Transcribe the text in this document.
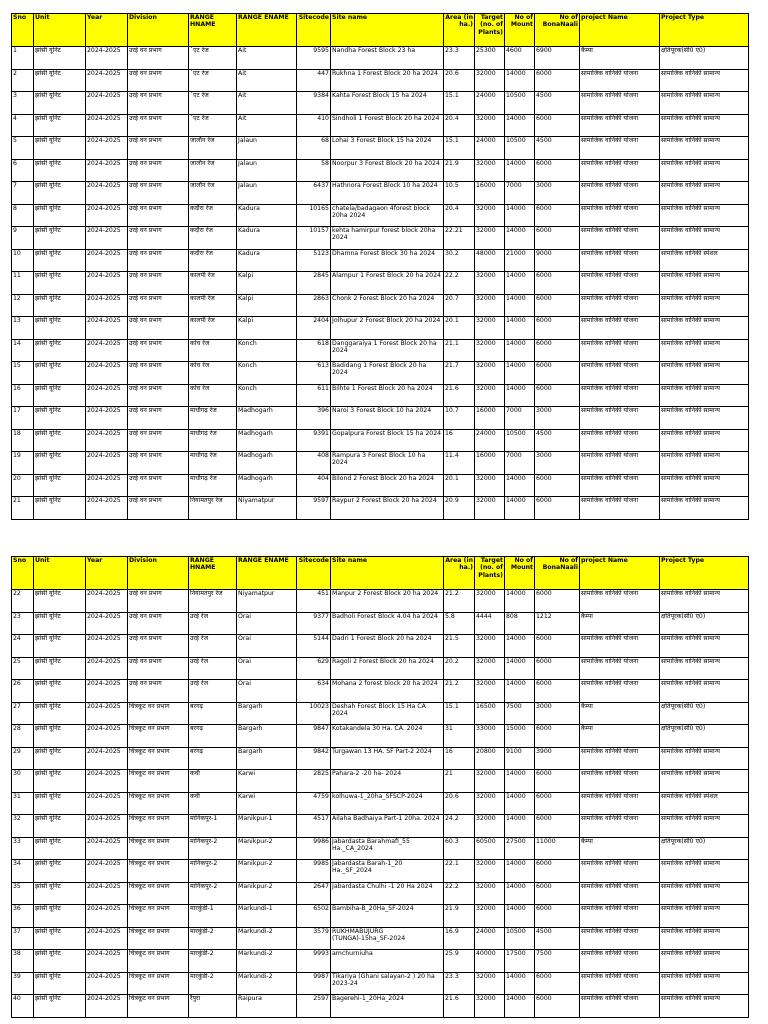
Sno	Unit	Year	Division	RANGE HNAME	RANGE ENAME	Sitecode	Site name	Area (in ha.)	Target (no. of Plants)	No of Mount	No of BonaNaali	project Name	Project Type
1	झांसी यूनिट	2024-2025	उरई वन प्रभाग	`एट रेंज	Ait	9595	Nandha Forest Block 23 ha	23.3	25300	4600	6900	कैम्पा	क्षतिपूरक(सी0 ए0)
2	झांसी यूनिट	2024-2025	उरई वन प्रभाग	`एट रेंज	Ait	447	Rukhna 1 Forest Block 20 ha 2024	20.6	32000	14000	6000	सामाजिक वानिकी योजना	सामाजिक वानिकी सामान्य
3	झांसी यूनिट	2024-2025	उरई वन प्रभाग	`एट रेंज	Ait	9384	Kahta Forest Block 15 ha 2024	15.1	24000	10500	4500	सामाजिक वानिकी योजना	सामाजिक वानिकी सामान्य
4	झांसी यूनिट	2024-2025	उरई वन प्रभाग	`एट रेंज	Ait	410	Sindholi 1 Forest Block 20 ha 2024	20.4	32000	14000	6000	सामाजिक वानिकी योजना	सामाजिक वानिकी सामान्य
5	झांसी यूनिट	2024-2025	उरई वन प्रभाग	जालौन रेंज	Jalaun	68	Lohai 3 Forest Block 15 ha 2024	15.1	24000	10500	4500	सामाजिक वानिकी योजना	सामाजिक वानिकी सामान्य
6	झांसी यूनिट	2024-2025	उरई वन प्रभाग	जालौन रेंज	Jalaun	58	Noorpur 3 Forest Block 20 ha 2024	21.9	32000	14000	6000	सामाजिक वानिकी योजना	सामाजिक वानिकी सामान्य
7	झांसी यूनिट	2024-2025	उरई वन प्रभाग	जालौन रेंज	Jalaun	6437	Hathnora Forest Block 10 ha 2024	10.5	16000	7000	3000	सामाजिक वानिकी योजना	सामाजिक वानिकी सामान्य
8	झांसी यूनिट	2024-2025	उरई वन प्रभाग	कदौरा रेंज	Kadura	10165	chatela/badagaon 4forest block 20ha 2024	20.4	32000	14000	6000	सामाजिक वानिकी योजना	सामाजिक वानिकी सामान्य
9	झांसी यूनिट	2024-2025	उरई वन प्रभाग	कदौरा रेंज	Kadura	10157	kehta hamirpur forest block 20ha 2024	22.21	32000	14000	6000	सामाजिक वानिकी योजना	सामाजिक वानिकी सामान्य
10	झांसी यूनिट	2024-2025	उरई वन प्रभाग	कदौरा रेंज	Kadura	5123	Dhamna Forest Block 30 ha 2024	30.2	48000	21000	9000	सामाजिक वानिकी योजना	सामाजिक वानिकी स्पेशल
11	झांसी यूनिट	2024-2025	उरई वन प्रभाग	कालपी रेंज	Kalpi	2845	Alampur 1 Forest Block 20 ha 2024	22.2	32000	14000	6000	सामाजिक वानिकी योजना	सामाजिक वानिकी सामान्य
12	झांसी यूनिट	2024-2025	उरई वन प्रभाग	कालपी रेंज	Kalpi	2863	Chonk 2 Forest Block 20 ha 2024	20.7	32000	14000	6000	सामाजिक वानिकी योजना	सामाजिक वानिकी सामान्य
13	झांसी यूनिट	2024-2025	उरई वन प्रभाग	कालपी रेंज	Kalpi	2404	Jolhupur 2 Forest Block 20 ha 2024	20.1	32000	14000	6000	सामाजिक वानिकी योजना	सामाजिक वानिकी सामान्य
14	झांसी यूनिट	2024-2025	उरई वन प्रभाग	कोंच रेंज	Konch	618	Danggaraiya 1 Forest Block 20 ha 2024	21.1	32000	14000	6000	सामाजिक वानिकी योजना	सामाजिक वानिकी सामान्य
15	झांसी यूनिट	2024-2025	उरई वन प्रभाग	कोंच रेंज	Konch	613	Badidang 1 Forest Block 20 ha 2024	21.7	32000	14000	6000	सामाजिक वानिकी योजना	सामाजिक वानिकी सामान्य
16	झांसी यूनिट	2024-2025	उरई वन प्रभाग	कोंच रेंज	Konch	611	Bilhte 1 Forest Block 20 ha 2024	21.6	32000	14000	6000	सामाजिक वानिकी योजना	सामाजिक वानिकी सामान्य
17	झांसी यूनिट	2024-2025	उरई वन प्रभाग	माधौगढ़ रेंज	Madhogarh	396	Naroi 3 Forest Block 10 ha 2024	10.7	16000	7000	3000	सामाजिक वानिकी योजना	सामाजिक वानिकी सामान्य
18	झांसी यूनिट	2024-2025	उरई वन प्रभाग	माधौगढ़ रेंज	Madhogarh	9391	Gopalpura Forest Block 15 ha 2024	16	24000	10500	4500	सामाजिक वानिकी योजना	सामाजिक वानिकी सामान्य
19	झांसी यूनिट	2024-2025	उरई वन प्रभाग	माधौगढ़ रेंज	Madhogarh	408	Rampura 3 Forest Block 10 ha 2024	11.4	16000	7000	3000	सामाजिक वानिकी योजना	सामाजिक वानिकी सामान्य
20	झांसी यूनिट	2024-2025	उरई वन प्रभाग	माधौगढ़ रेंज	Madhogarh	404	Bilond 2 Forest Block 20 ha 2024	20.1	32000	14000	6000	सामाजिक वानिकी योजना	सामाजिक वानिकी सामान्य
21	झांसी यूनिट	2024-2025	उरई वन प्रभाग	नियामतपुर रेंज	Niyamatpur	9597	Raypur 2 Forest Block 20 ha 2024	20.9	32000	14000	6000	सामाजिक वानिकी योजना	सामाजिक वानिकी सामान्य
Sno	Unit	Year	Division	RANGE HNAME	RANGE ENAME	Sitecode	Site name	Area (in ha.)	Target (no. of Plants)	No of Mount	No of BonaNaali	project Name	Project Type
22	झांसी यूनिट	2024-2025	उरई वन प्रभाग	नियामतपुर रेंज	Niyamatpur	451	Manpur 2 Forest Block 20 ha 2024	21.2	32000	14000	6000	सामाजिक वानिकी योजना	सामाजिक वानिकी सामान्य
23	झांसी यूनिट	2024-2025	उरई वन प्रभाग	उरई रेंज	Orai	9377	Badholi Forest Block 4.04 ha 2024	5.8	4444	808	1212	कैम्पा	क्षतिपूरक(सी0 ए0)
24	झांसी यूनिट	2024-2025	उरई वन प्रभाग	उरई रेंज	Orai	5144	Dadri 1 Forest Block 20 ha 2024	21.5	32000	14000	6000	सामाजिक वानिकी योजना	सामाजिक वानिकी सामान्य
25	झांसी यूनिट	2024-2025	उरई वन प्रभाग	उरई रेंज	Orai	629	Ragoli 2 Forest Block 20 ha 2024	20.2	32000	14000	6000	सामाजिक वानिकी योजना	सामाजिक वानिकी सामान्य
26	झांसी यूनिट	2024-2025	उरई वन प्रभाग	उरई रेंज	Orai	634	Mohana 2 forest block 20 ha 2024	21.2	32000	14000	6000	सामाजिक वानिकी योजना	सामाजिक वानिकी सामान्य
27	झांसी यूनिट	2024-2025	चित्रकूट वन प्रभाग	बरगढ़	Bargarh	10023	Deshah Forest Block 15 Ha CA 2024	15.1	16500	7500	3000	कैम्पा	क्षतिपूरक(सी0 ए0)
28	झांसी यूनिट	2024-2025	चित्रकूट वन प्रभाग	बरगढ़	Bargarh	9847	Kotakandela 30 Ha. CA. 2024	31	33000	15000	6000	कैम्पा	क्षतिपूरक(सी0 ए0)
29	झांसी यूनिट	2024-2025	चित्रकूट वन प्रभाग	बरगढ़	Bargarh	9842	Turgawan 13 HA. SF Part-2 2024	16	20800	9100	3900	सामाजिक वानिकी योजना	सामाजिक वानिकी सामान्य
30	झांसी यूनिट	2024-2025	चित्रकूट वन प्रभाग	कर्वी	Karwi	2825	Pahara-2 -20 ha- 2024	21	32000	14000	6000	सामाजिक वानिकी योजना	सामाजिक वानिकी सामान्य
31	झांसी यूनिट	2024-2025	चित्रकूट वन प्रभाग	कर्वी	Karwi	4759	kolhuwa-1_20ha_SFSCP-2024	20.6	32000	14000	6000	सामाजिक वानिकी योजना	सामाजिक वानिकी स्पेशल
32	झांसी यूनिट	2024-2025	चित्रकूट वन प्रभाग	मानिकपुर-1	Manikpur-1	4517	Ailaha Badhaiya Part-1 20ha. 2024	24.2	32000	14000	6000	सामाजिक वानिकी योजना	सामाजिक वानिकी सामान्य
33	झांसी यूनिट	2024-2025	चित्रकूट वन प्रभाग	मानिकपुर-2	Manikpur-2	9986	Jabardasta Barahmafi_55 Ha._CA_2024	60.3	60500	27500	11000	कैम्पा	क्षतिपूरक(सी0 ए0)
34	झांसी यूनिट	2024-2025	चित्रकूट वन प्रभाग	मानिकपुर-2	Manikpur-2	9985	Jabardasta Barah-1_20 Ha._SF_2024	22.1	32000	14000	6000	सामाजिक वानिकी योजना	सामाजिक वानिकी सामान्य
35	झांसी यूनिट	2024-2025	चित्रकूट वन प्रभाग	मानिकपुर-2	Manikpur-2	2647	Jabardasta Chulhi -1 20 Ha 2024	22.2	32000	14000	6000	सामाजिक वानिकी योजना	सामाजिक वानिकी सामान्य
36	झांसी यूनिट	2024-2025	चित्रकूट वन प्रभाग	मारकुंडी-1	Markundi-1	6502	Bambiha-B_20Ha_SF-2024	21.9	32000	14000	6000	सामाजिक वानिकी योजना	सामाजिक वानिकी सामान्य
37	झांसी यूनिट	2024-2025	चित्रकूट वन प्रभाग	मारकुंडी-2	Markundi-2	3579	RUKHMABUJURG (TUNGA)-15ha_SF-2024	16.9	24000	10500	4500	सामाजिक वानिकी योजना	सामाजिक वानिकी सामान्य
38	झांसी यूनिट	2024-2025	चित्रकूट वन प्रभाग	मारकुंडी-2	Markundi-2	9993	amchurniuha	25.9	40000	17500	7500	सामाजिक वानिकी योजना	सामाजिक वानिकी सामान्य
39	झांसी यूनिट	2024-2025	चित्रकूट वन प्रभाग	मारकुंडी-2	Markundi-2	9987	Tikariya (Ghani salayan-2 ) 20 ha 2023-24	23.3	32000	14000	6000	सामाजिक वानिकी योजना	सामाजिक वानिकी सामान्य
40	झांसी यूनिट	2024-2025	चित्रकूट वन प्रभाग	रैपुरा	Raipura	2597	Bagerehi-1_20Ha_2024	21.6	32000	14000	6000	सामाजिक वानिकी योजना	सामाजिक वानिकी सामान्य
